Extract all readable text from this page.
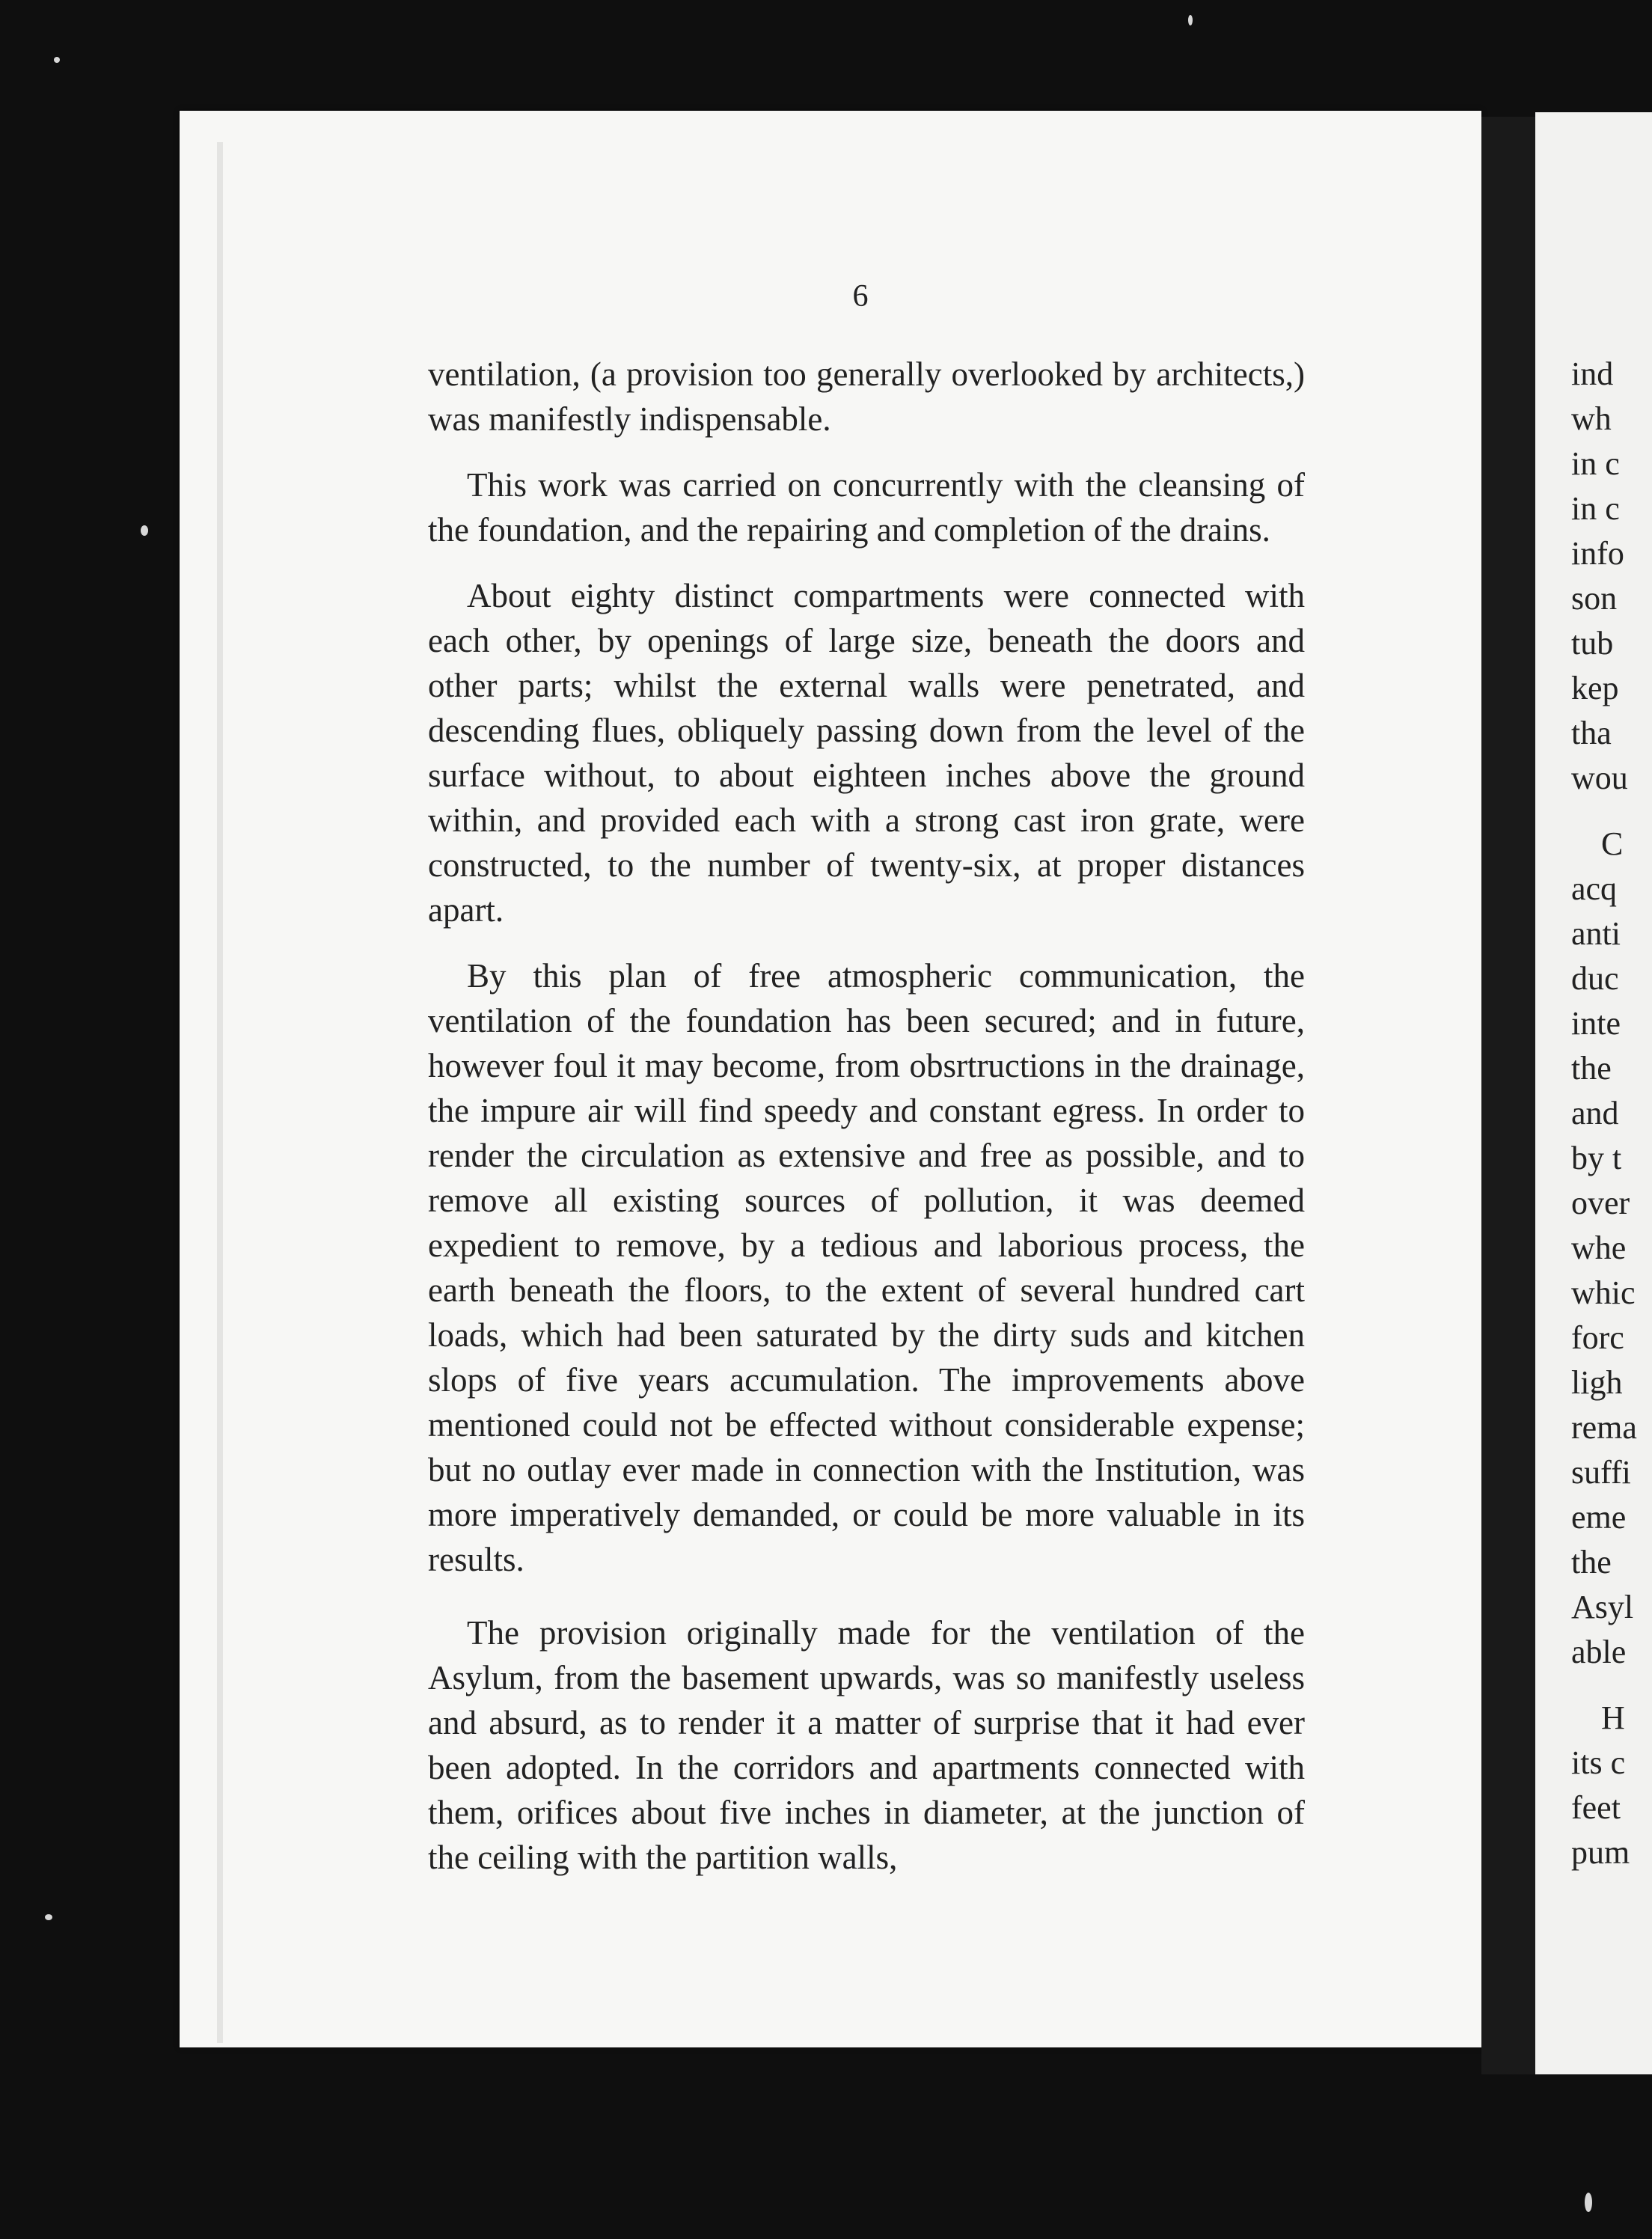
6

ventilation, (a provision too generally overlooked by architects,) was manifestly indispensable.

This work was carried on concurrently with the cleansing of the foundation, and the repairing and completion of the drains.

About eighty distinct compartments were connected with each other, by openings of large size, beneath the doors and other parts; whilst the external walls were penetrated, and descending flues, obliquely passing down from the level of the surface without, to about eighteen inches above the ground within, and provided each with a strong cast iron grate, were constructed, to the number of twenty-six, at proper distances apart.

By this plan of free atmospheric communication, the ventilation of the foundation has been secured; and in future, however foul it may become, from obsrtructions in the drainage, the impure air will find speedy and constant egress. In order to render the circulation as extensive and free as possible, and to remove all existing sources of pollution, it was deemed expedient to remove, by a tedious and laborious process, the earth beneath the floors, to the extent of several hundred cart loads, which had been saturated by the dirty suds and kitchen slops of five years accumulation. The improvements above mentioned could not be effected without considerable expense; but no outlay ever made in connection with the Institution, was more imperatively demanded, or could be more valuable in its results.

The provision originally made for the ventilation of the Asylum, from the basement upwards, was so manifestly useless and absurd, as to render it a matter of surprise that it had ever been adopted. In the corridors and apartments connected with them, orifices about five inches in diameter, at the junction of the ceiling with the partition walls,

ind
wh
in c
in c
info
son
tub
kep
tha
wou
C
acq
anti
duc
inte
the
and
by t
over
whe
whic
forc
ligh
rema
suffi
eme
the
Asyl
able
H
its c
feet
pum
